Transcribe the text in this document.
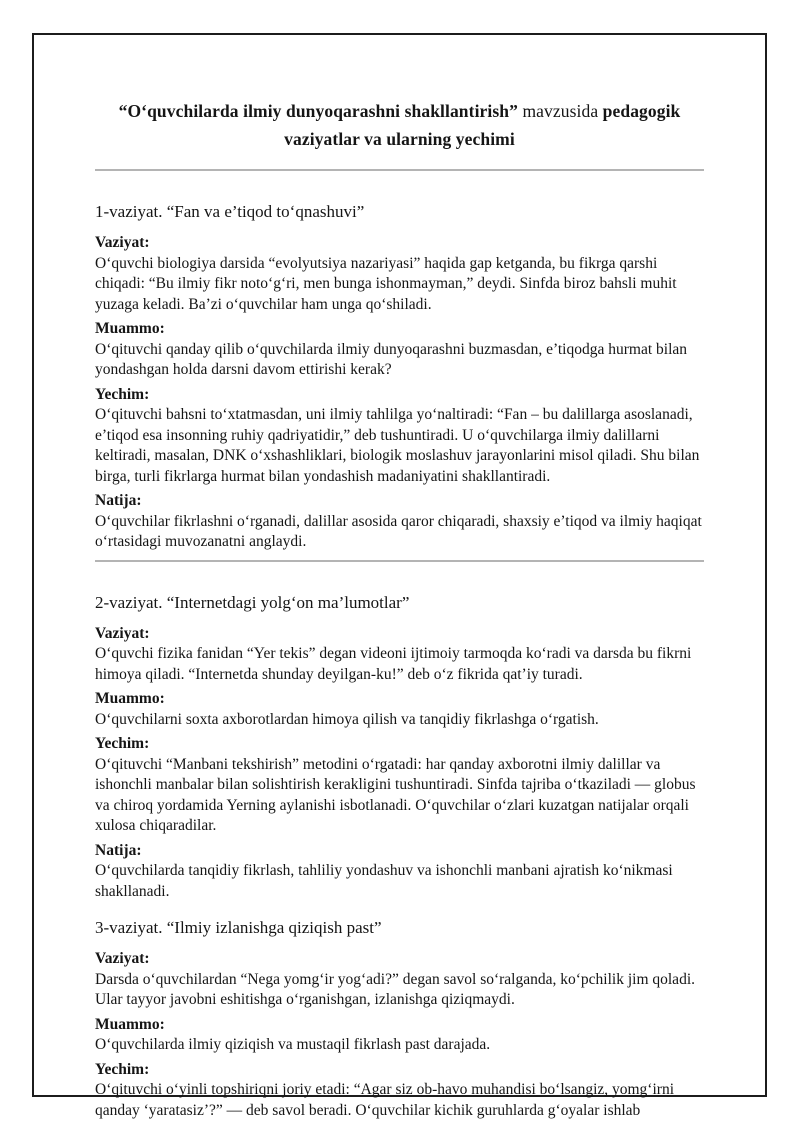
“O‘quvchilarda ilmiy dunyoqarashni shakllantirish” mavzusida pedagogik vaziyatlar va ularning yechimi
1-vaziyat. “Fan va e’tiqod to‘qnashuvi”

Vaziyat:

O‘quvchi biologiya darsida “evolyutsiya nazariyasi” haqida gap ketganda, bu fikrga qarshi chiqadi: “Bu ilmiy fikr noto‘g‘ri, men bunga ishonmayman,” deydi. Sinfda biroz bahsli muhit yuzaga keladi. Ba’zi o‘quvchilar ham unga qo‘shiladi.

Muammo:

O‘qituvchi qanday qilib o‘quvchilarda ilmiy dunyoqarashni buzmasdan, e’tiqodga hurmat bilan yondashgan holda darsni davom ettirishi kerak?

Yechim:

O‘qituvchi bahsni to‘xtatmasdan, uni ilmiy tahlilga yo‘naltiradi: “Fan – bu dalillarga asoslanadi, e’tiqod esa insonning ruhiy qadriyatidir,” deb tushuntiradi. U o‘quvchilarga ilmiy dalillarni keltiradi, masalan, DNK o‘xshashliklari, biologik moslashuv jarayonlarini misol qiladi. Shu bilan birga, turli fikrlarga hurmat bilan yondashish madaniyatini shakllantiradi.

Natija:

O‘quvchilar fikrlashni o‘rganadi, dalillar asosida qaror chiqaradi, shaxsiy e’tiqod va ilmiy haqiqat o‘rtasidagi muvozanatni anglaydi.

2-vaziyat. “Internetdagi yolg‘on ma’lumotlar”

Vaziyat:

O‘quvchi fizika fanidan “Yer tekis” degan videoni ijtimoiy tarmoqda ko‘radi va darsda bu fikrni himoya qiladi. “Internetda shunday deyilgan-ku!” deb o‘z fikrida qat’iy turadi.

Muammo:

O‘quvchilarni soxta axborotlardan himoya qilish va tanqidiy fikrlashga o‘rgatish.

Yechim:

O‘qituvchi “Manbani tekshirish” metodini o‘rgatadi: har qanday axborotni ilmiy dalillar va ishonchli manbalar bilan solishtirish kerakligini tushuntiradi. Sinfda tajriba o‘tkaziladi — globus va chiroq yordamida Yerning aylanishi isbotlanadi. O‘quvchilar o‘zlari kuzatgan natijalar orqali xulosa chiqaradilar.

Natija:

O‘quvchilarda tanqidiy fikrlash, tahliliy yondashuv va ishonchli manbani ajratish ko‘nikmasi shakllanadi.

3-vaziyat. “Ilmiy izlanishga qiziqish past”

Vaziyat:

Darsda o‘quvchilardan “Nega yomg‘ir yog‘adi?” degan savol so‘ralganda, ko‘pchilik jim qoladi. Ular tayyor javobni eshitishga o‘rganishgan, izlanishga qiziqmaydi.

Muammo:

O‘quvchilarda ilmiy qiziqish va mustaqil fikrlash past darajada.

Yechim:

O‘qituvchi o‘yinli topshiriqni joriy etadi: “Agar siz ob-havo muhandisi bo‘lsangiz, yomg‘irni qanday ‘yaratasiz’?” — deb savol beradi. O‘quvchilar kichik guruhlarda g‘oyalar ishlab
